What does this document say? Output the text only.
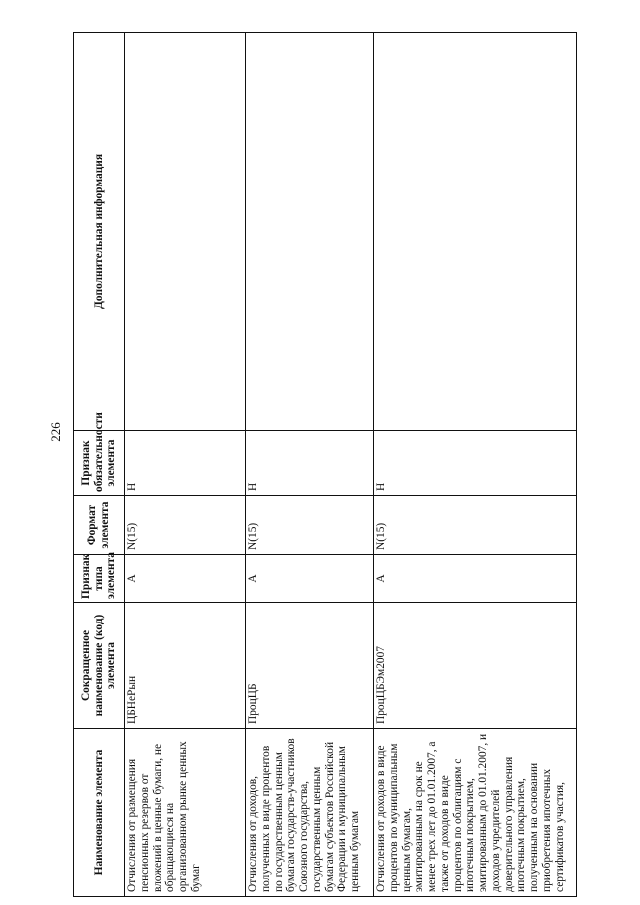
226
Наименование элемента	Сокращенное наименование (код) элемента	Признак типа элемента	Формат элемента	Признак обязательности элемента	Дополнительная информация
Отчисления от размещения пенсионных резервов от вложений в ценные бумаги, не обращающиеся на организованном рынке ценных бумаг	ЦБНеРын	А	N(15)	Н	
Отчисления от доходов, полученных в виде процентов по государственным ценным бумагам государств-участников Союзного государства, государственным ценным бумагам субъектов Российской Федерации и муниципальным ценным бумагам	ПроцЦБ	А	N(15)	Н	

Отчисления от доходов в виде процентов по муниципальным ценным бумагам, эмитированным на срок не менее трех лет до 01.01.2007, а также от доходов в виде процентов по облигациям с ипотечным покрытием, эмитированным до 01.01.2007, и доходов учредителей доверительного управления ипотечным покрытием, полученным на основании приобретения ипотечных сертификатов участия,	ПроцЦБЭм2007	А	N(15)	Н	
